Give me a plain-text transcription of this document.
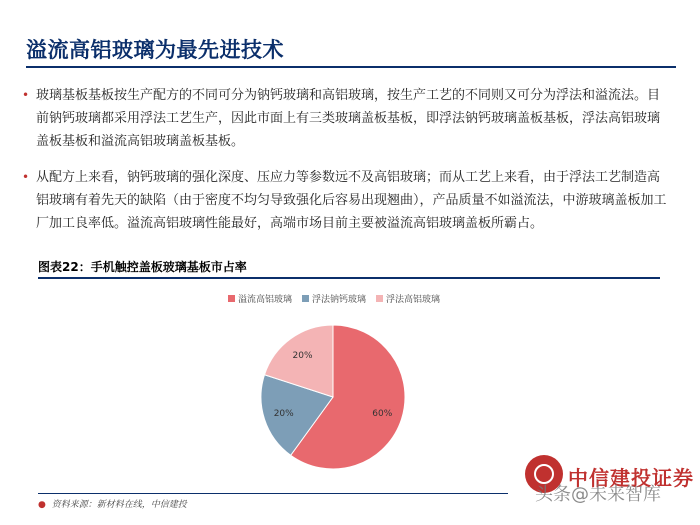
溢流高铝玻璃为最先进技术
• 玻璃基板基板按生产配方的不同可分为钠钙玻璃和高铝玻璃，按生产工艺的不同则又可分为浮法和溢流法。目前钠钙玻璃都采用浮法工艺生产，因此市面上有三类玻璃盖板基板，即浮法钠钙玻璃盖板基板，浮法高铝玻璃盖板基板和溢流高铝玻璃盖板基板。
• 从配方上来看，钠钙玻璃的强化深度、压应力等参数远不及高铝玻璃；而从工艺上来看，由于浮法工艺制造高铝玻璃有着先天的缺陷（由于密度不均匀导致强化后容易出现翘曲），产品质量不如溢流法，中游玻璃盖板加工厂加工良率低。溢流高铝玻璃性能最好，高端市场目前主要被溢流高铝玻璃盖板所霸占。
图表22：手机触控盖板玻璃基板市占率
溢流高铝玻璃 浮法钠钙玻璃 浮法高铝玻璃
60%
20%
20%
● 资料来源：新材料在线，中信建投
中信建投证券
头条@未来智库
